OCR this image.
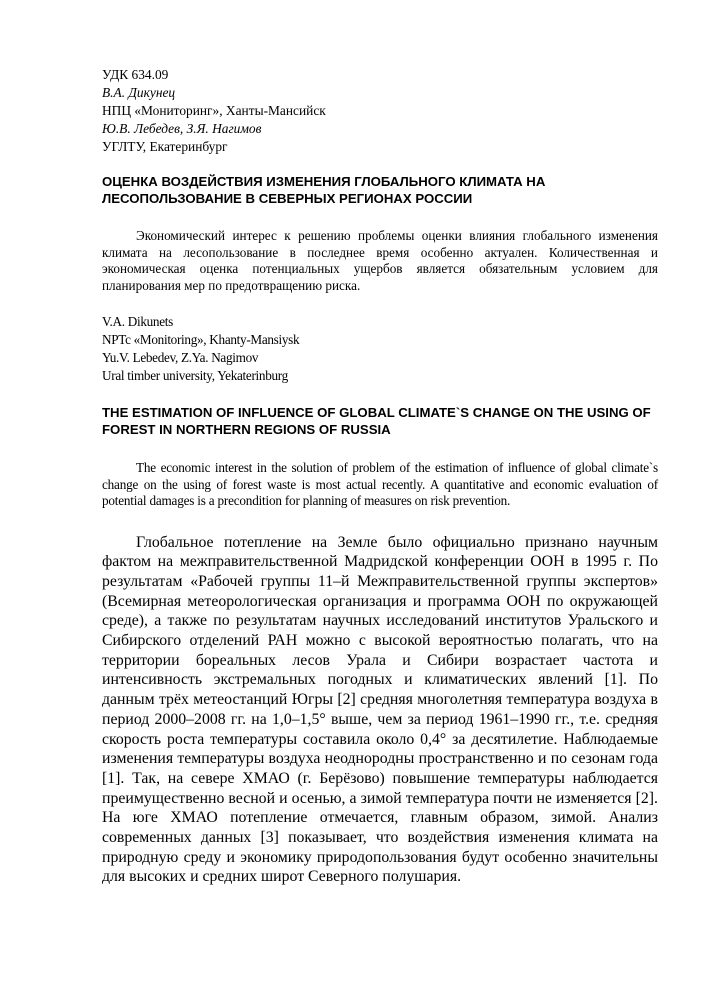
УДК 634.09

В.А. Дикунец

НПЦ «Мониторинг», Ханты-Мансийск

Ю.В. Лебедев, З.Я. Нагимов

УГЛТУ, Екатеринбург

ОЦЕНКА ВОЗДЕЙСТВИЯ ИЗМЕНЕНИЯ ГЛОБАЛЬНОГО КЛИМАТА НА ЛЕСОПОЛЬЗОВАНИЕ В СЕВЕРНЫХ РЕГИОНАХ РОССИИ

Экономический интерес к решению проблемы оценки влияния глобального изменения климата на лесопользование в последнее время особенно актуален. Количественная и экономическая оценка потенциальных ущербов является обязательным условием для планирования мер по предотвращению риска.

V.A. Dikunets

NPTc «Monitoring», Khanty-Mansiysk

Yu.V. Lebedev, Z.Ya. Nagimov

Ural timber university, Yekaterinburg

THE ESTIMATION OF INFLUENCE OF GLOBAL CLIMATE`S CHANGE ON THE USING OF FOREST IN NORTHERN REGIONS OF RUSSIA

The economic interest in the solution of problem of the estimation of influence of global climate`s change on the using of forest waste is most actual recently. A quantitative and economic evaluation of potential damages is a precondition for planning of measures on risk prevention.

Глобальное потепление на Земле было официально признано научным фактом на межправительственной Мадридской конференции ООН в 1995 г. По результатам «Рабочей группы 11–й Межправительственной группы экспертов» (Всемирная метеорологическая организация и программа ООН по окружающей среде), а также по результатам научных исследований институтов Уральского и Сибирского отделений РАН можно с высокой вероятностью полагать, что на территории бореальных лесов Урала и Сибири возрастает частота и интенсивность экстремальных погодных и климатических явлений [1]. По данным трёх метеостанций Югры [2] средняя многолетняя температура воздуха в период 2000–2008 гг. на 1,0–1,5° выше, чем за период 1961–1990 гг., т.е. средняя скорость роста температуры составила около 0,4° за десятилетие. Наблюдаемые изменения температуры воздуха неоднородны пространственно и по сезонам года [1]. Так, на севере ХМАО (г. Берёзово) повышение температуры наблюдается преимущественно весной и осенью, а зимой температура почти не изменяется [2]. На юге ХМАО потепление отмечается, главным образом, зимой. Анализ современных данных [3] показывает, что воздействия изменения климата на природную среду и экономику природопользования будут особенно значительны для высоких и средних широт Северного полушария.
